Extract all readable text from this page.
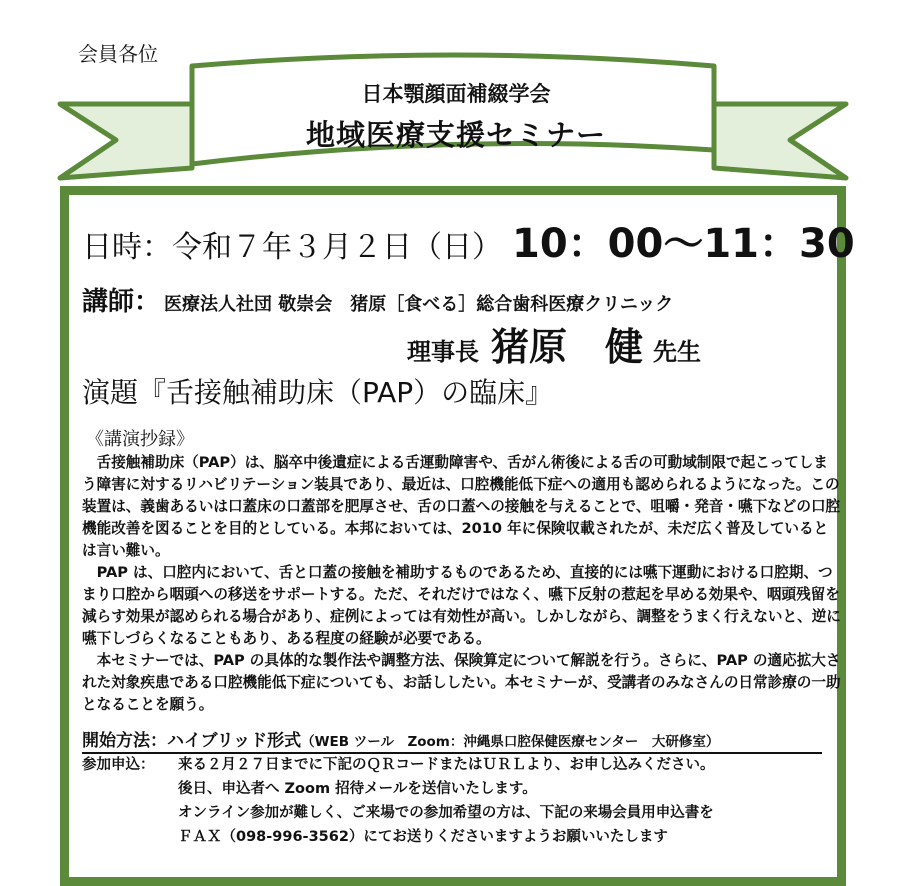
会員各位
日本顎顔面補綴学会
地域医療支援セミナー
日時：令和７年３月２日（日） 10：00～11：30
講師： 医療法人社団 敬崇会　猪原［食べる］総合歯科医療クリニック
理事長 猪原　健 先生
演題『舌接触補助床（PAP）の臨床』
《講演抄録》

舌接触補助床（PAP）は、脳卒中後遺症による舌運動障害や、舌がん術後による舌の可動域制限で起こってしまう障害に対するリハビリテーション装具であり、最近は、口腔機能低下症への適用も認められるようになった。この装置は、義歯あるいは口蓋床の口蓋部を肥厚させ、舌の口蓋への接触を与えることで、咀嚼・発音・嚥下などの口腔機能改善を図ることを目的としている。本邦においては、2010 年に保険収載されたが、未だ広く普及しているとは言い難い。

PAP は、口腔内において、舌と口蓋の接触を補助するものであるため、直接的には嚥下運動における口腔期、つまり口腔から咽頭への移送をサポートする。ただ、それだけではなく、嚥下反射の惹起を早める効果や、咽頭残留を減らす効果が認められる場合があり、症例によっては有効性が高い。しかしながら、調整をうまく行えないと、逆に嚥下しづらくなることもあり、ある程度の経験が必要である。

本セミナーでは、PAP の具体的な製作法や調整方法、保険算定について解説を行う。さらに、PAP の適応拡大された対象疾患である口腔機能低下症についても、お話ししたい。本セミナーが、受講者のみなさんの日常診療の一助となることを願う。

開始方法：ハイブリッド形式（WEB ツール　Zoom：沖縄県口腔保健医療センター　大研修室）
参加申込： 来る２月２７日までに下記のＱＲコードまたはＵＲＬより、お申し込みください。
後日、申込者へ Zoom 招待メールを送信いたします。
オンライン参加が難しく、ご来場での参加希望の方は、下記の来場会員用申込書を
ＦＡＸ（098-996-3562）にてお送りくださいますようお願いいたします
